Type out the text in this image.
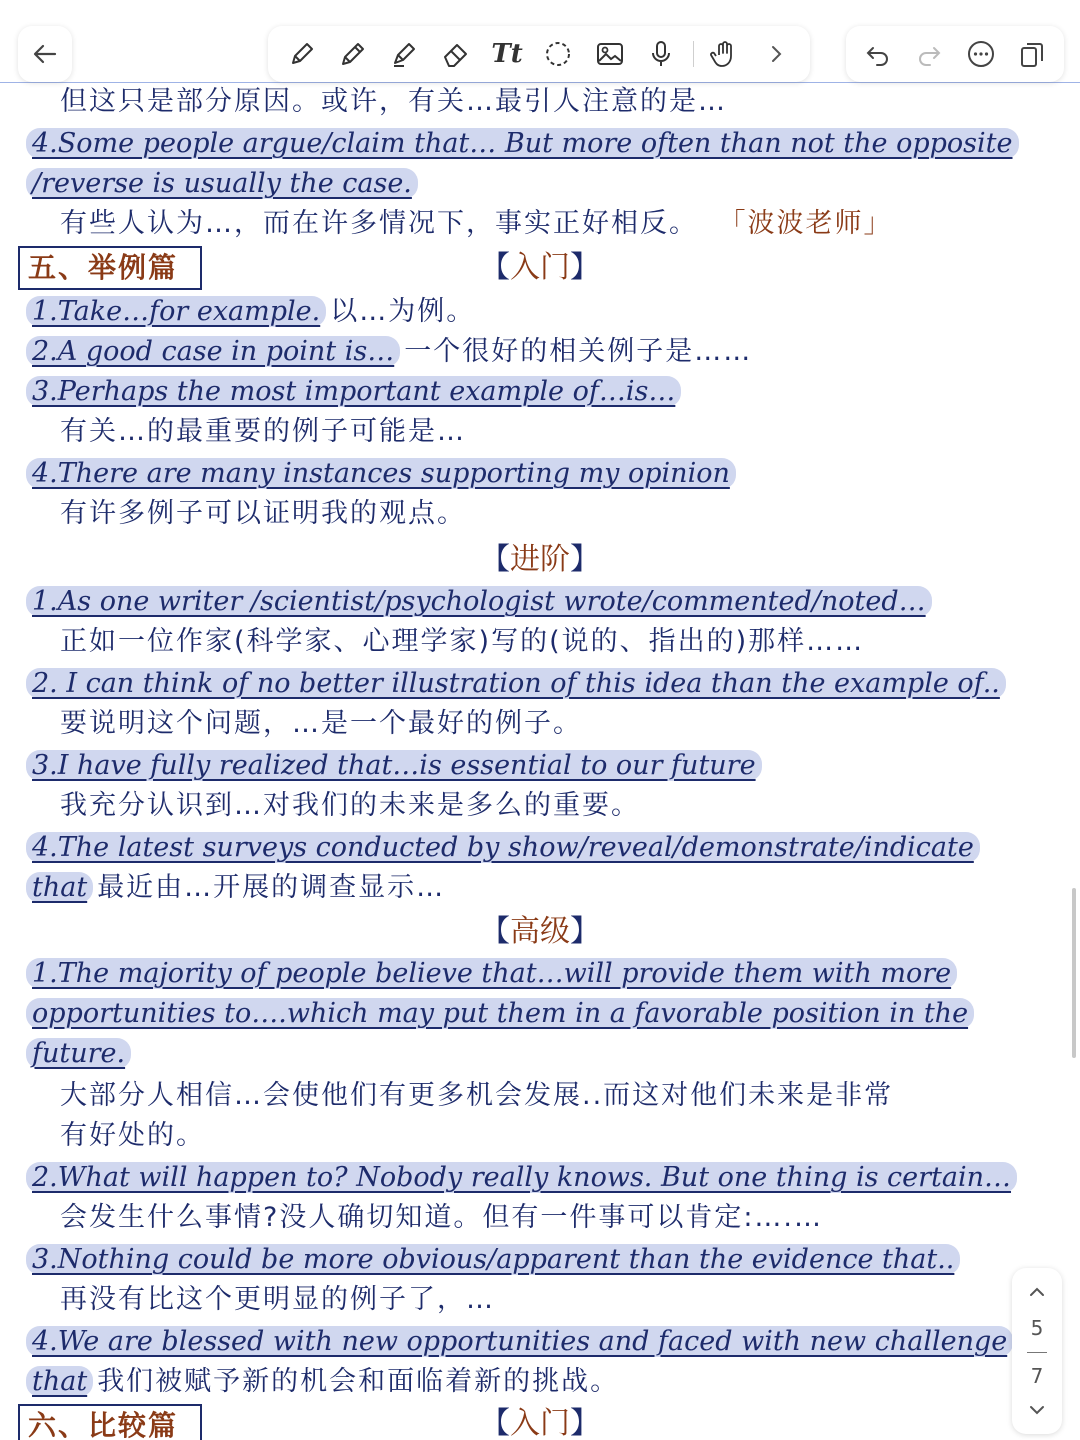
Tt
但这只是部分原因。或许，有关…最引人注意的是…
4.Some people argue/claim that… But more often than not the opposite
/reverse is usually the case.
有些人认为…，而在许多情况下，事实正好相反。 「波波老师」
五、举例篇	【入门】
1.Take…for example. 以…为例。
2.A good case in point is… 一个很好的相关例子是……
3.Perhaps the most important example of…is…
有关…的最重要的例子可能是…
4.There are many instances supporting my opinion
有许多例子可以证明我的观点。
【进阶】
1.As one writer /scientist/psychologist wrote/commented/noted…
正如一位作家(科学家、心理学家)写的(说的、指出的)那样……
2. I can think of no better illustration of this idea than the example of..
要说明这个问题，…是一个最好的例子。
3.I have fully realized that…is essential to our future
我充分认识到…对我们的未来是多么的重要。
4.The latest surveys conducted by show/reveal/demonstrate/indicate
that 最近由…开展的调查显示…
【高级】
1.The majority of people believe that…will provide them with more
opportunities to….which may put them in a favorable position in the
future.
大部分人相信…会使他们有更多机会发展..而这对他们未来是非常
有好处的。
2.What will happen to? Nobody really knows. But one thing is certain…
会发生什么事情?没人确切知道。但有一件事可以肯定:….…
3.Nothing could be more obvious/apparent than the evidence that..
再没有比这个更明显的例子了，…
4.We are blessed with new opportunities and faced with new challenge
that 我们被赋予新的机会和面临着新的挑战。
六、比较篇	【入门】
5
7
